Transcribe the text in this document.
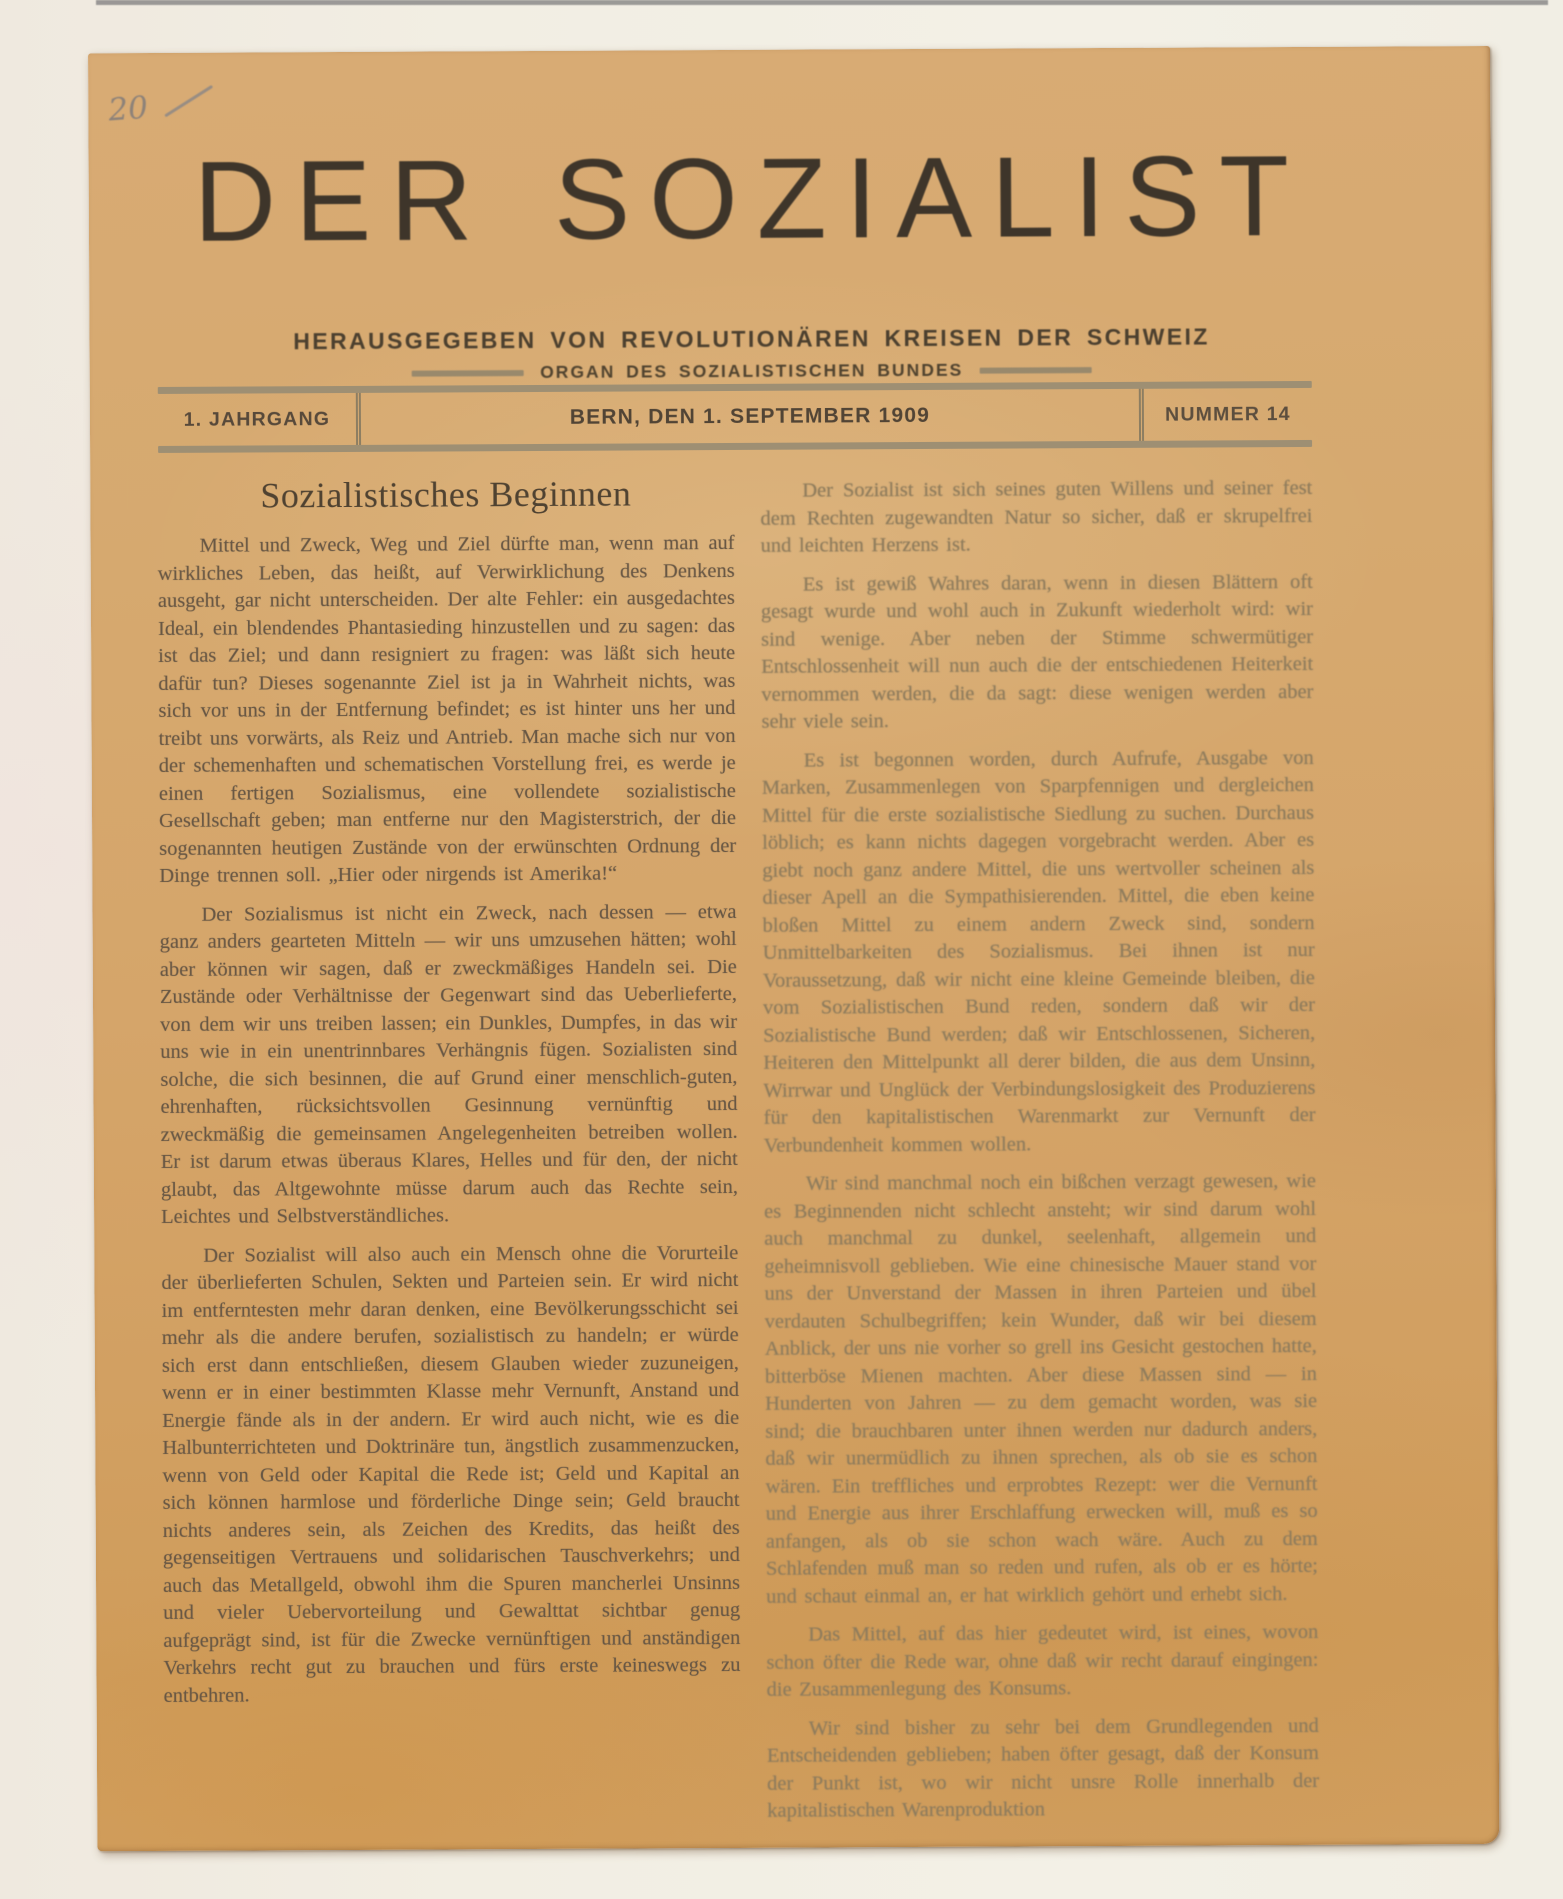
20
DER SOZIALIST
HERAUSGEGEBEN VON REVOLUTIONÄREN KREISEN DER SCHWEIZ
ORGAN DES SOZIALISTISCHEN BUNDES
1. JAHRGANG	BERN, DEN 1. SEPTEMBER 1909	NUMMER 14
Sozialistisches Beginnen

Mittel und Zweck, Weg und Ziel dürfte man, wenn man auf wirkliches Leben, das heißt, auf Verwirklichung des Denkens ausgeht, gar nicht unterscheiden. Der alte Fehler: ein ausgedachtes Ideal, ein blendendes Phantasieding hinzustellen und zu sagen: das ist das Ziel; und dann resigniert zu fragen: was läßt sich heute dafür tun? Dieses sogenannte Ziel ist ja in Wahrheit nichts, was sich vor uns in der Entfernung befindet; es ist hinter uns her und treibt uns vorwärts, als Reiz und Antrieb. Man mache sich nur von der schemenhaften und schematischen Vorstellung frei, es werde je einen fertigen Sozialismus, eine vollendete sozialistische Gesellschaft geben; man entferne nur den Magisterstrich, der die sogenannten heutigen Zustände von der erwünschten Ordnung der Dinge trennen soll. „Hier oder nirgends ist Amerika!“

Der Sozialismus ist nicht ein Zweck, nach dessen — etwa ganz anders gearteten Mitteln — wir uns umzusehen hätten; wohl aber können wir sagen, daß er zweckmäßiges Handeln sei. Die Zustände oder Verhältnisse der Gegenwart sind das Ueberlieferte, von dem wir uns treiben lassen; ein Dunkles, Dumpfes, in das wir uns wie in ein unentrinnbares Verhängnis fügen. Sozialisten sind solche, die sich besinnen, die auf Grund einer menschlich-guten, ehrenhaften, rücksichtsvollen Gesinnung vernünftig und zweckmäßig die gemeinsamen Angelegenheiten betreiben wollen. Er ist darum etwas überaus Klares, Helles und für den, der nicht glaubt, das Altgewohnte müsse darum auch das Rechte sein, Leichtes und Selbstverständliches.

Der Sozialist will also auch ein Mensch ohne die Vorurteile der überlieferten Schulen, Sekten und Parteien sein. Er wird nicht im entferntesten mehr daran denken, eine Bevölkerungsschicht sei mehr als die andere berufen, sozialistisch zu handeln; er würde sich erst dann entschließen, diesem Glauben wieder zuzuneigen, wenn er in einer bestimmten Klasse mehr Vernunft, Anstand und Energie fände als in der andern. Er wird auch nicht, wie es die Halbunterrichteten und Doktrinäre tun, ängstlich zusammenzucken, wenn von Geld oder Kapital die Rede ist; Geld und Kapital an sich können harmlose und förderliche Dinge sein; Geld braucht nichts anderes sein, als Zeichen des Kredits, das heißt des gegenseitigen Vertrauens und solidarischen Tauschverkehrs; und auch das Metallgeld, obwohl ihm die Spuren mancherlei Unsinns und vieler Uebervorteilung und Gewalttat sichtbar genug aufgeprägt sind, ist für die Zwecke vernünftigen und anständigen Verkehrs recht gut zu brauchen und fürs erste keineswegs zu entbehren.

Der Sozialist ist sich seines guten Willens und seiner fest dem Rechten zugewandten Natur so sicher, daß er skrupelfrei und leichten Herzens ist.

Es ist gewiß Wahres daran, wenn in diesen Blättern oft gesagt wurde und wohl auch in Zukunft wiederholt wird: wir sind wenige. Aber neben der Stimme schwermütiger Entschlossenheit will nun auch die der entschiedenen Heiterkeit vernommen werden, die da sagt: diese wenigen werden aber sehr viele sein.

Es ist begonnen worden, durch Aufrufe, Ausgabe von Marken, Zusammenlegen von Sparpfennigen und dergleichen Mittel für die erste sozialistische Siedlung zu suchen. Durchaus löblich; es kann nichts dagegen vorgebracht werden. Aber es giebt noch ganz andere Mittel, die uns wertvoller scheinen als dieser Apell an die Sympathisierenden. Mittel, die eben keine bloßen Mittel zu einem andern Zweck sind, sondern Unmittelbarkeiten des Sozialismus. Bei ihnen ist nur Voraussetzung, daß wir nicht eine kleine Gemeinde bleiben, die vom Sozialistischen Bund reden, sondern daß wir der Sozialistische Bund werden; daß wir Entschlossenen, Sicheren, Heiteren den Mittelpunkt all derer bilden, die aus dem Unsinn, Wirrwar und Unglück der Verbindungslosigkeit des Produzierens für den kapitalistischen Warenmarkt zur Vernunft der Verbundenheit kommen wollen.

Wir sind manchmal noch ein bißchen verzagt gewesen, wie es Beginnenden nicht schlecht ansteht; wir sind darum wohl auch manchmal zu dunkel, seelenhaft, allgemein und geheimnisvoll geblieben. Wie eine chinesische Mauer stand vor uns der Unverstand der Massen in ihren Parteien und übel verdauten Schulbegriffen; kein Wunder, daß wir bei diesem Anblick, der uns nie vorher so grell ins Gesicht gestochen hatte, bitterböse Mienen machten. Aber diese Massen sind — in Hunderten von Jahren — zu dem gemacht worden, was sie sind; die brauchbaren unter ihnen werden nur dadurch anders, daß wir unermüdlich zu ihnen sprechen, als ob sie es schon wären. Ein treffliches und erprobtes Rezept: wer die Vernunft und Energie aus ihrer Erschlaffung erwecken will, muß es so anfangen, als ob sie schon wach wäre. Auch zu dem Schlafenden muß man so reden und rufen, als ob er es hörte; und schaut einmal an, er hat wirklich gehört und erhebt sich.

Das Mittel, auf das hier gedeutet wird, ist eines, wovon schon öfter die Rede war, ohne daß wir recht darauf eingingen: die Zusammenlegung des Konsums.

Wir sind bisher zu sehr bei dem Grundlegenden und Entscheidenden geblieben; haben öfter gesagt, daß der Konsum der Punkt ist, wo wir nicht unsre Rolle innerhalb der kapitalistischen Warenproduktion
